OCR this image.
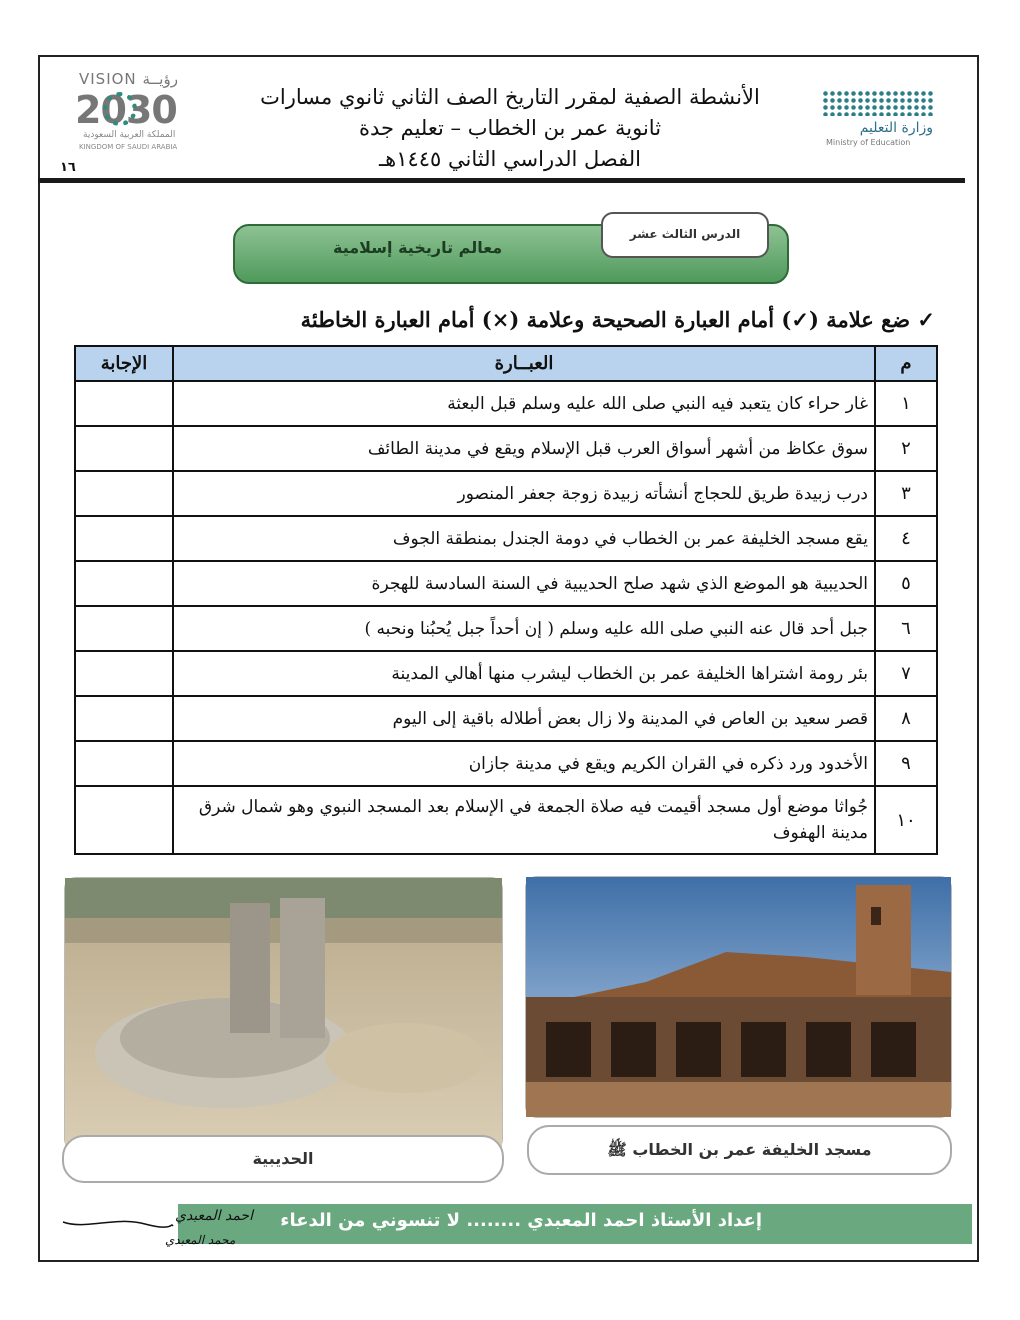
VISION رؤيــة
2030
المملكة العربية السعودية
KINGDOM OF SAUDI ARABIA
الأنشطة الصفية لمقرر التاريخ الصف الثاني ثانوي مسارات
ثانوية عمر بن الخطاب – تعليم جدة
الفصل الدراسي الثاني ١٤٤٥هـ
١٦
وزارة التعليم
Ministry of Education
معالم تاريخية إسلامية
الدرس الثالث عشر
✓ ضع علامة (✓) أمام العبارة الصحيحة وعلامة (×) أمام العبارة الخاطئة
م	العبــارة	الإجابة
١	غار حراء كان يتعبد فيه النبي صلى الله عليه وسلم قبل البعثة	
٢	سوق عكاظ من أشهر أسواق العرب قبل الإسلام ويقع في مدينة الطائف	
٣	درب زبيدة طريق للحجاج أنشأته زبيدة زوجة جعفر المنصور	
٤	يقع مسجد الخليفة عمر بن الخطاب في دومة الجندل بمنطقة الجوف	
٥	الحديبية هو الموضع الذي شهد صلح الحديبية في السنة السادسة للهجرة	
٦	جبل أحد قال عنه النبي صلى الله عليه وسلم ( إن أحداً جبل يُحبُنا ونحبه )	
٧	بئر رومة اشتراها الخليفة عمر بن الخطاب ليشرب منها أهالي المدينة	
٨	قصر سعيد بن العاص في المدينة ولا زال بعض أطلاله باقية إلى اليوم	
٩	الأخدود ورد ذكره في القران الكريم ويقع في مدينة جازان	
١٠	جُواثا موضع أول مسجد أقيمت فيه صلاة الجمعة في الإسلام بعد المسجد النبوي وهو شمال شرق مدينة الهفوف	
الحديبية	مسجد الخليفة عمر بن الخطاب ﷺ
إعداد الأستاذ احمد المعبدي ........ لا تنسوني من الدعاء
احمد المعبدي
محمد المعبدي
